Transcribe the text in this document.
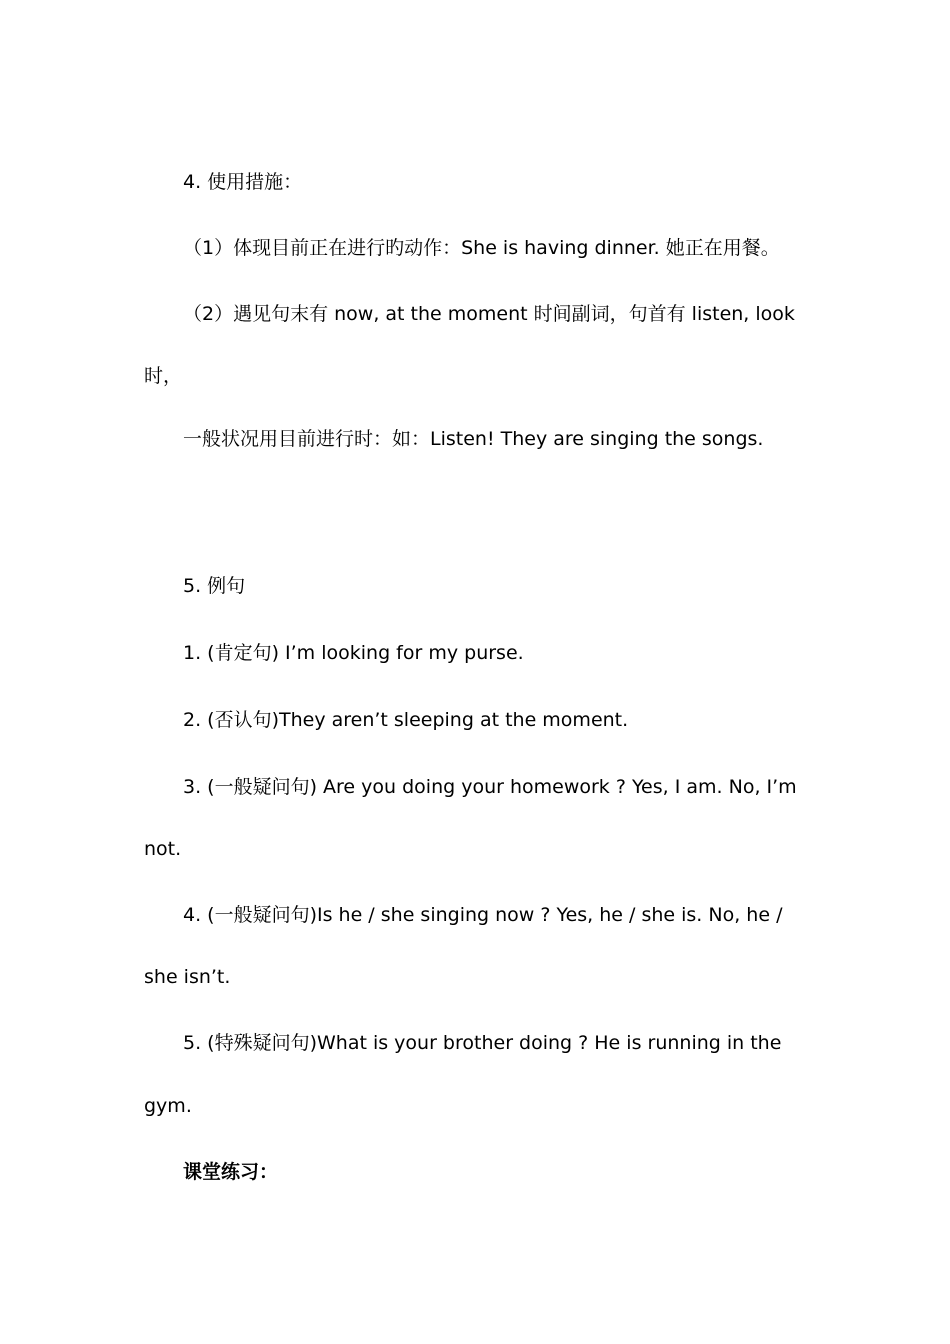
4. 使用措施：

（1）体现目前正在进行旳动作：She is having dinner. 她正在用餐。

（2）遇见句末有 now, at the moment 时间副词，句首有 listen, look

时，

一般状况用目前进行时：如：Listen! They are singing the songs.

5. 例句

1. (肯定句) I’m looking for my purse.

2. (否认句)They aren’t sleeping at the moment.

3. (一般疑问句) Are you doing your homework ? Yes, I am. No, I’m

not.

4. (一般疑问句)Is he / she singing now ? Yes, he / she is. No, he /

she isn’t.

5. (特殊疑问句)What is your brother doing ? He is running in the

gym.

课堂练习：
